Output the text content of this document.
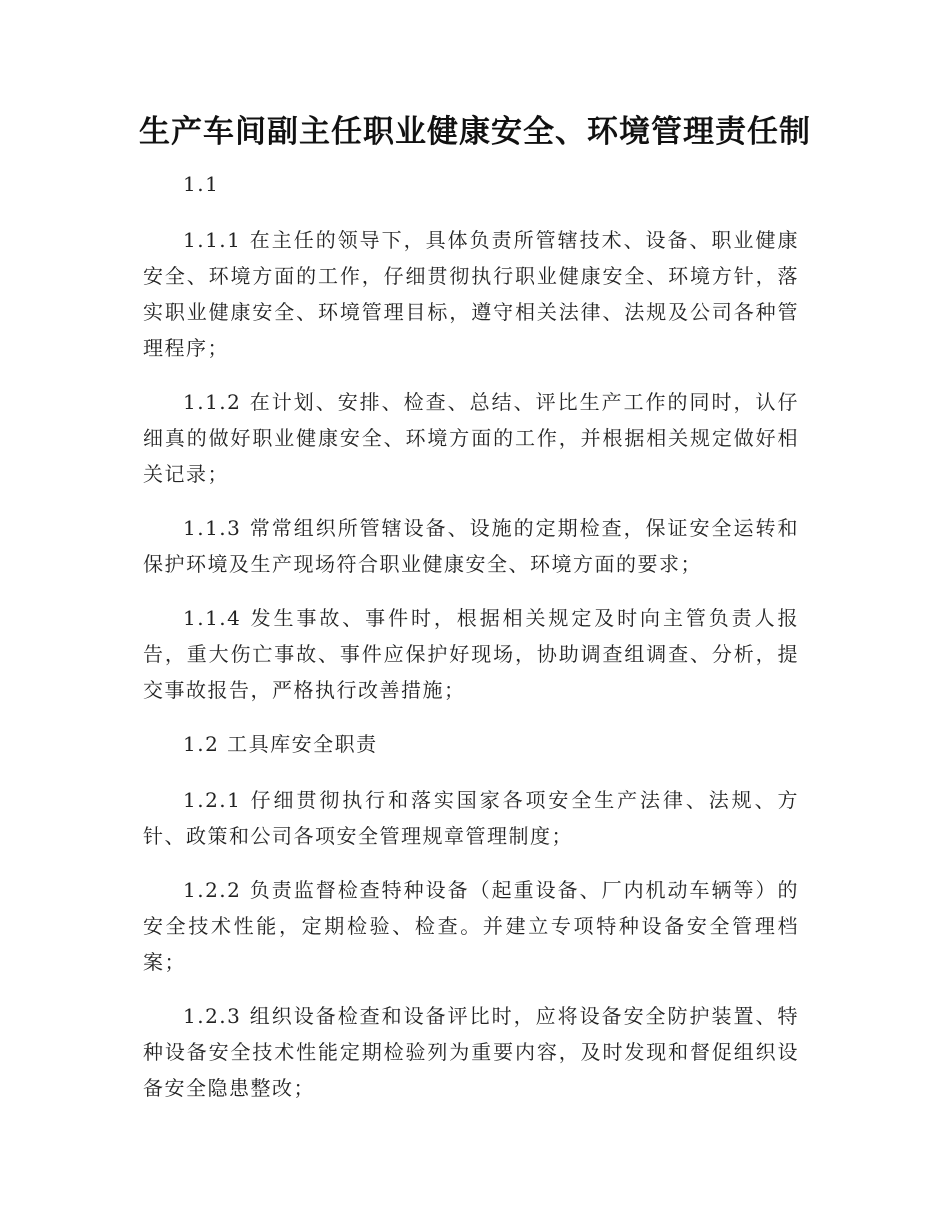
生产车间副主任职业健康安全、环境管理责任制

1.1

1.1.1 在主任的领导下，具体负责所管辖技术、设备、职业健康安全、环境方面的工作，仔细贯彻执行职业健康安全、环境方针，落实职业健康安全、环境管理目标，遵守相关法律、法规及公司各种管理程序；

1.1.2 在计划、安排、检查、总结、评比生产工作的同时，认仔细真的做好职业健康安全、环境方面的工作，并根据相关规定做好相关记录；

1.1.3 常常组织所管辖设备、设施的定期检查，保证安全运转和保护环境及生产现场符合职业健康安全、环境方面的要求；

1.1.4 发生事故、事件时，根据相关规定及时向主管负责人报告，重大伤亡事故、事件应保护好现场，协助调查组调查、分析，提交事故报告，严格执行改善措施；

1.2 工具库安全职责

1.2.1 仔细贯彻执行和落实国家各项安全生产法律、法规、方针、政策和公司各项安全管理规章管理制度；

1.2.2 负责监督检查特种设备（起重设备、厂内机动车辆等）的安全技术性能，定期检验、检查。并建立专项特种设备安全管理档案；

1.2.3 组织设备检查和设备评比时，应将设备安全防护装置、特种设备安全技术性能定期检验列为重要内容，及时发现和督促组织设备安全隐患整改；
